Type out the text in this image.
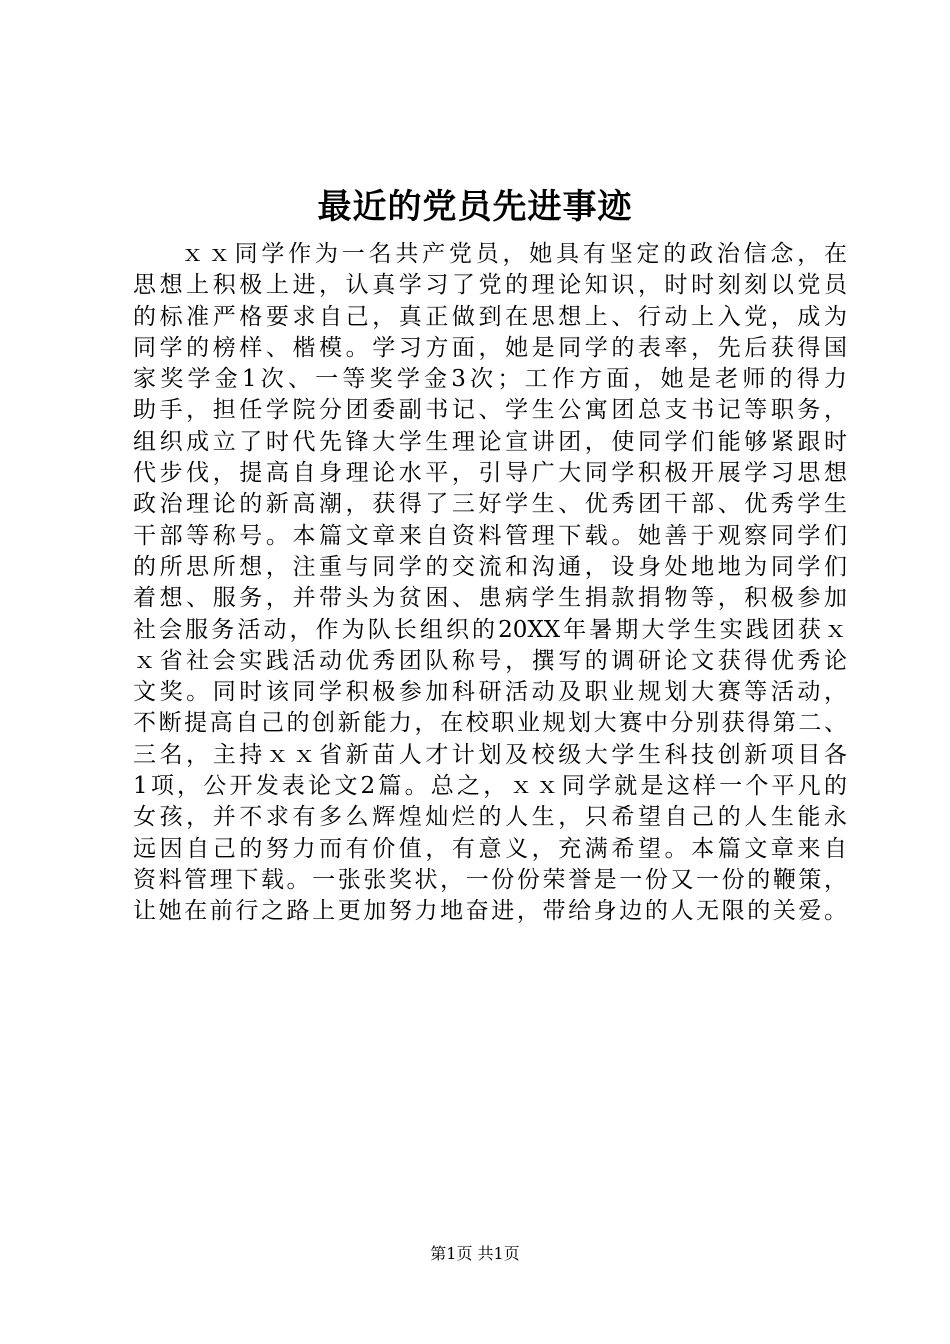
最近的党员先进事迹
ｘｘ同学作为一名共产党员，她具有坚定的政治信念，在
思想上积极上进，认真学习了党的理论知识，时时刻刻以党员
的标准严格要求自己，真正做到在思想上、行动上入党，成为
同学的榜样、楷模。学习方面，她是同学的表率，先后获得国
家奖学金1次、一等奖学金3次；工作方面，她是老师的得力
助手，担任学院分团委副书记、学生公寓团总支书记等职务，
组织成立了时代先锋大学生理论宣讲团，使同学们能够紧跟时
代步伐，提高自身理论水平，引导广大同学积极开展学习思想
政治理论的新高潮，获得了三好学生、优秀团干部、优秀学生
干部等称号。本篇文章来自资料管理下载。她善于观察同学们
的所思所想，注重与同学的交流和沟通，设身处地地为同学们
着想、服务，并带头为贫困、患病学生捐款捐物等，积极参加
社会服务活动，作为队长组织的20XX年暑期大学生实践团获ｘ
ｘ省社会实践活动优秀团队称号，撰写的调研论文获得优秀论
文奖。同时该同学积极参加科研活动及职业规划大赛等活动，
不断提高自己的创新能力，在校职业规划大赛中分别获得第二、
三名，主持ｘｘ省新苗人才计划及校级大学生科技创新项目各
1项，公开发表论文2篇。总之，ｘｘ同学就是这样一个平凡的
女孩，并不求有多么辉煌灿烂的人生，只希望自己的人生能永
远因自己的努力而有价值，有意义，充满希望。本篇文章来自
资料管理下载。一张张奖状，一份份荣誉是一份又一份的鞭策，
让她在前行之路上更加努力地奋进，带给身边的人无限的关爱。
第1页 共1页
